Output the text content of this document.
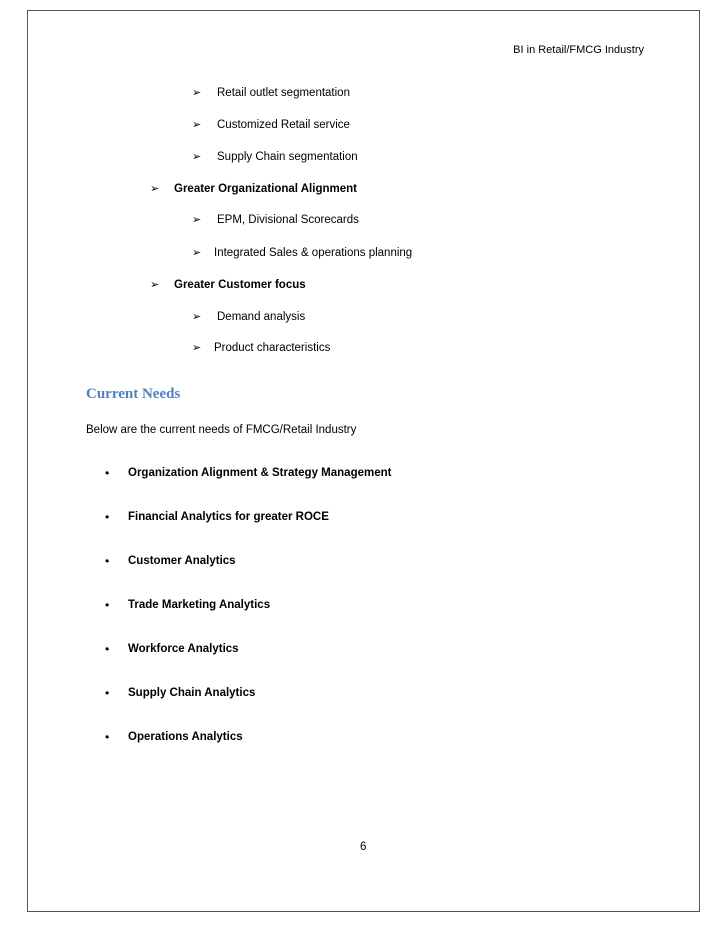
BI in Retail/FMCG Industry
➢ Retail outlet segmentation
➢ Customized Retail service
➢ Supply Chain segmentation
➢ Greater Organizational Alignment
➢ EPM, Divisional Scorecards
➢ Integrated Sales & operations planning
➢ Greater Customer focus
➢ Demand analysis
➢ Product characteristics
Current Needs
Below are the current needs of FMCG/Retail Industry
• Organization Alignment & Strategy Management
• Financial Analytics for greater ROCE
• Customer Analytics
• Trade Marketing Analytics
• Workforce Analytics
• Supply Chain Analytics
• Operations Analytics
6
